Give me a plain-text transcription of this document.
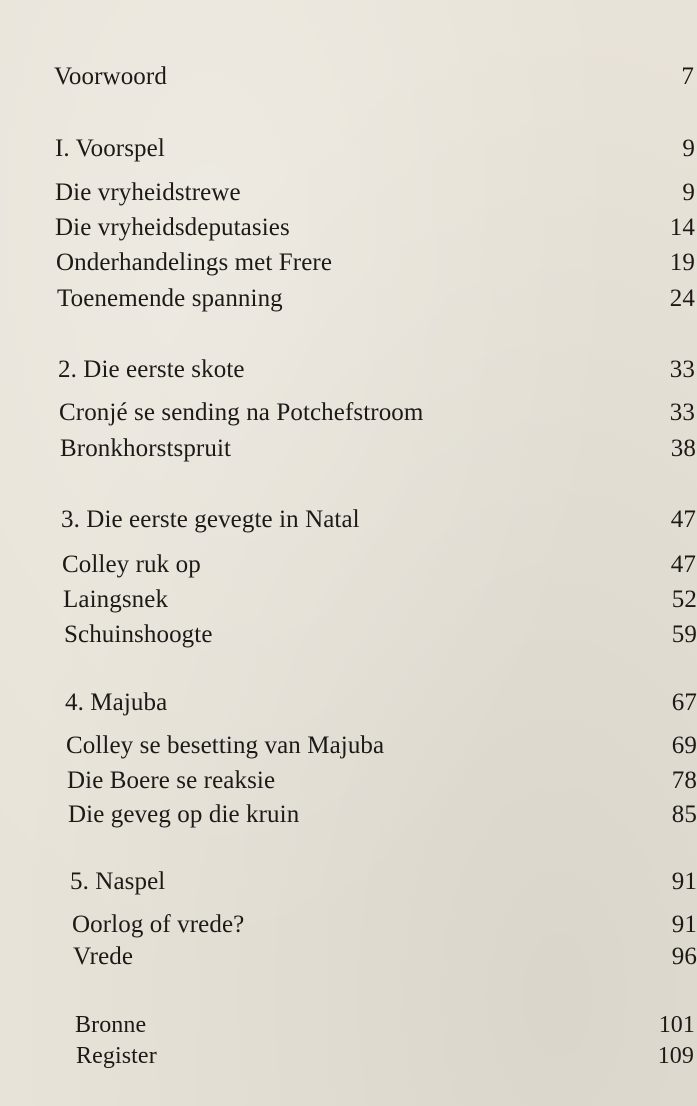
Voorwoord	7
I. Voorspel	9
Die vryheidstrewe	9
Die vryheidsdeputasies	14
Onderhandelings met Frere	19
Toenemende spanning	24
2. Die eerste skote	33
Cronjé se sending na Potchefstroom	33
Bronkhorstspruit	38
3. Die eerste gevegte in Natal	47
Colley ruk op	47
Laingsnek	52
Schuinshoogte	59
4. Majuba	67
Colley se besetting van Majuba	69
Die Boere se reaksie	78
Die geveg op die kruin	85
5. Naspel	91
Oorlog of vrede?	91
Vrede	96
Bronne	101
Register	109
